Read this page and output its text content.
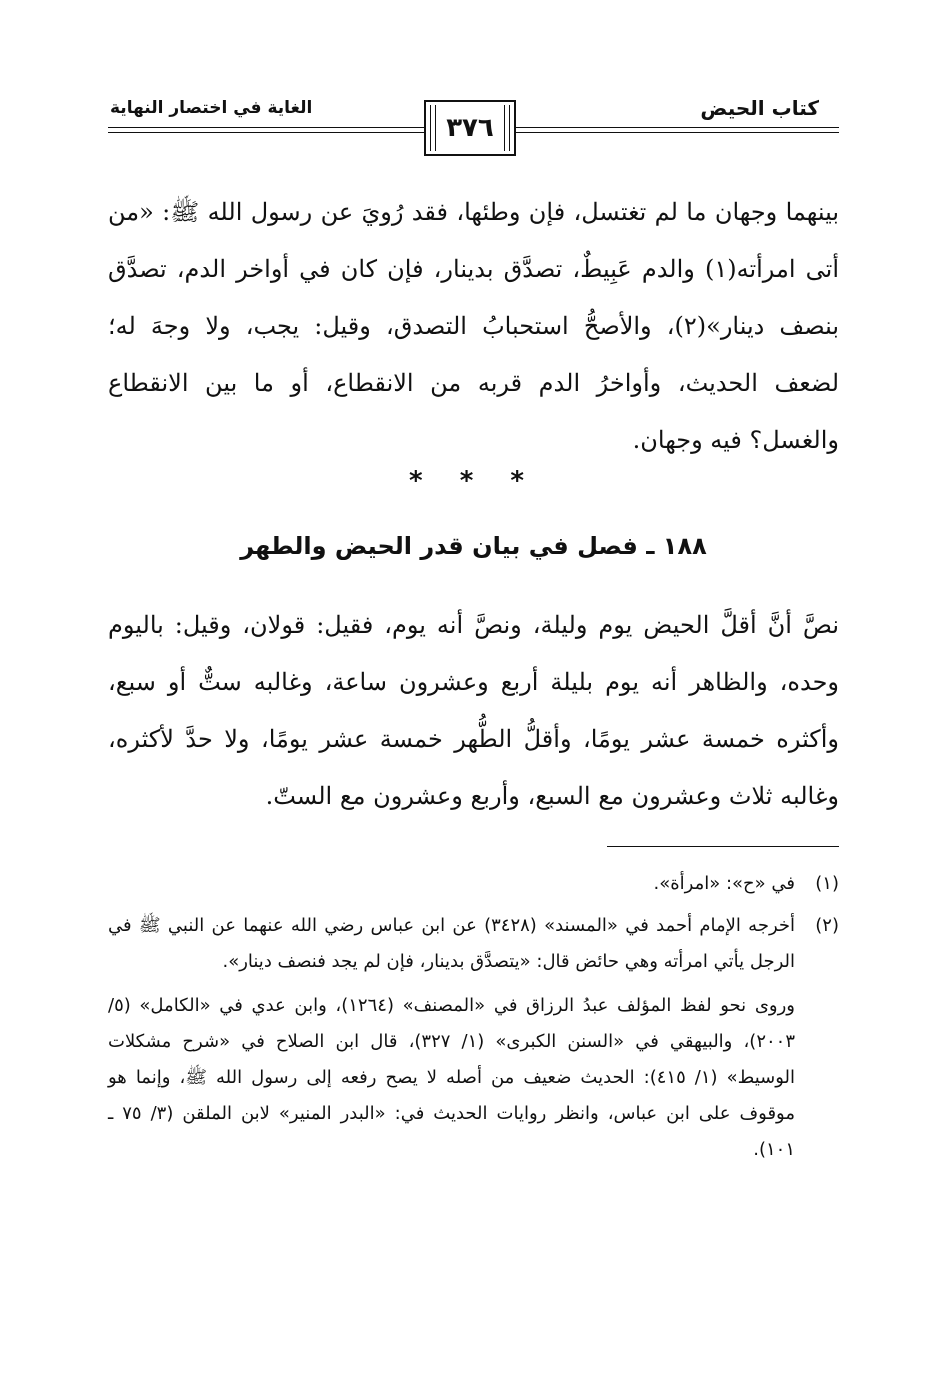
كتاب الحيض
الغاية في اختصار النهاية
٣٧٦

بينهما وجهان ما لم تغتسل، فإن وطئها، فقد رُويَ عن رسول الله ﷺ: «من أتى امرأته(١) والدم عَبِيطٌ، تصدَّق بدينار، فإن كان في أواخر الدم، تصدَّق بنصف دينار»(٢)، والأصحُّ استحبابُ التصدق، وقيل: يجب، ولا وجهَ له؛ لضعف الحديث، وأواخرُ الدم قربه من الانقطاع، أو ما بين الانقطاع والغسل؟ فيه وجهان.

* * *
١٨٨ ـ فصل في بيان قدر الحيض والطهر

نصَّ أنَّ أقلَّ الحيض يوم وليلة، ونصَّ أنه يوم، فقيل: قولان، وقيل: باليوم وحده، والظاهر أنه يوم بليلة أربع وعشرون ساعة، وغالبه ستٌّ أو سبع، وأكثره خمسة عشر يومًا، وأقلُّ الطُّهر خمسة عشر يومًا، ولا حدَّ لأكثره، وغالبه ثلاث وعشرون مع السبع، وأربع وعشرون مع الستّ.

(١)

في «ح»: «امرأة».

(٢)

أخرجه الإمام أحمد في «المسند» (٣٤٢٨) عن ابن عباس رضي الله عنهما عن النبي ﷺ في الرجل يأتي امرأته وهي حائض قال: «يتصدَّق بدينار، فإن لم يجد فنصف دينار».

وروى نحو لفظ المؤلف عبدُ الرزاق في «المصنف» (١٢٦٤)، وابن عدي في «الكامل» (٥/ ٢٠٠٣)، والبيهقي في «السنن الكبرى» (١/ ٣٢٧)، قال ابن الصلاح في «شرح مشكلات الوسيط» (١/ ٤١٥): الحديث ضعيف من أصله لا يصح رفعه إلى رسول الله ﷺ، وإنما هو موقوف على ابن عباس، وانظر روايات الحديث في: «البدر المنير» لابن الملقن (٣/ ٧٥ ـ ١٠١).
